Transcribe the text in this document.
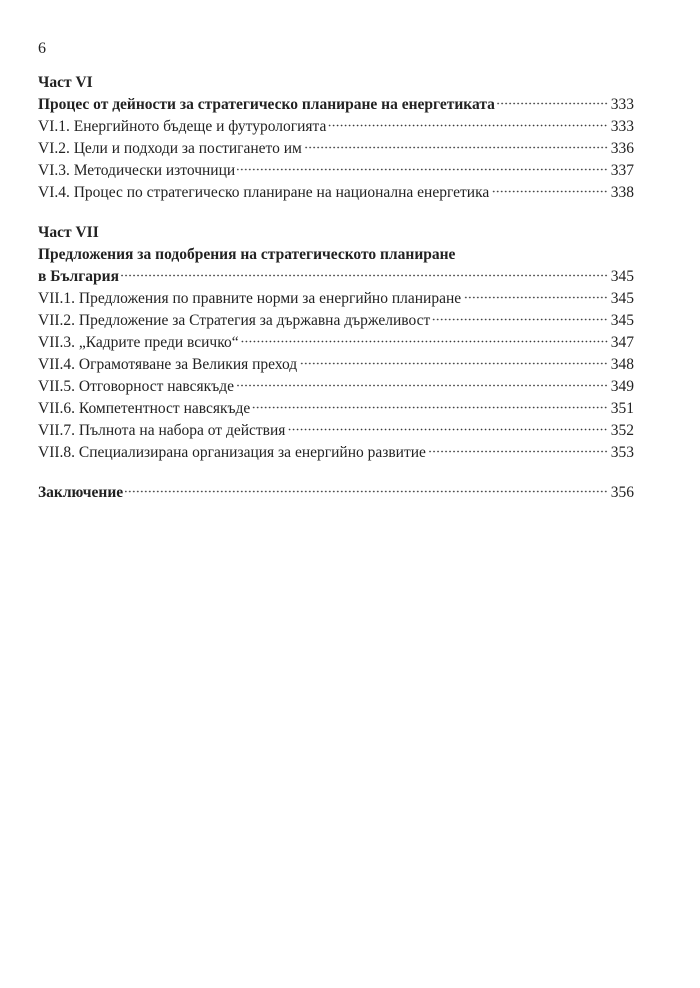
6
Част VI
Процес от дейности за стратегическо планиране на енергетиката	333
VI.1. Енергийното бъдеще и футурологията	333
VI.2. Цели и подходи за постигането им	336
VI.3. Методически източници	337
VI.4. Процес по стратегическо планиране на национална енергетика	338
Част VII
Предложения за подобрения на стратегическото планиране
в България	345
VII.1. Предложения по правните норми за енергийно планиране	345
VII.2. Предложение за Стратегия за държавна държеливост	345
VII.3. „Кадрите преди всичко“	347
VII.4. Ограмотяване за Великия преход	348
VII.5. Отговорност навсякъде	349
VII.6. Компетентност навсякъде	351
VII.7. Пълнота на набора от действия	352
VII.8. Специализирана организация за енергийно развитие	353
Заключение	356
